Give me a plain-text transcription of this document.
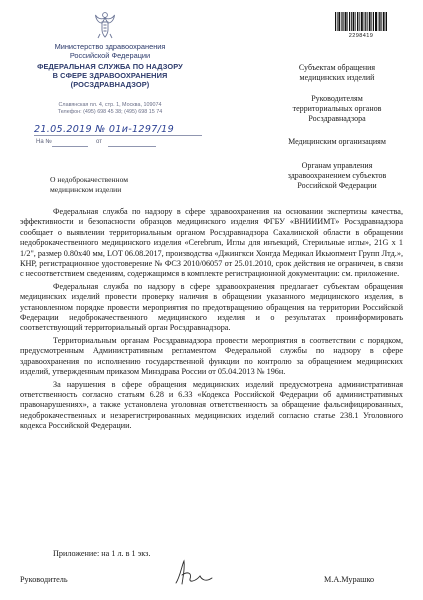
Министерство здравоохранения
Российской Федерации
ФЕДЕРАЛЬНАЯ СЛУЖБА ПО НАДЗОРУ
В СФЕРЕ ЗДРАВООХРАНЕНИЯ
(РОСЗДРАВНАДЗОР)
Славянская пл. 4, стр. 1, Москва, 109074
Телефон: (495) 698 45 38; (495) 698 15 74
21.05.2019 № 01и-1297/19
На №	от
О недоброкачественном
медицинском изделии
2298419
Субъектам обращения
медицинских изделий
Руководителям
территориальных органов
Росздравнадзора
Медицинским организациям
Органам управления
здравоохранением субъектов
Российской Федерации

Федеральная служба по надзору в сфере здравоохранения на основании экспертизы качества, эффективности и безопасности образцов медицинского изделия ФГБУ «ВНИИИМТ» Росздравнадзора сообщает о выявлении территориальным органом Росздравнадзора Сахалинской области в обращении недоброкачественного медицинского изделия «Cerebrum, Иглы для инъекций, Стерильные иглы», 21G x 1 1/2", размер 0.80x40 мм, LOT 06.08.2017, производства «Джингкси Хонгда Медикал Икьюпмент Групп Лтд.», КНР, регистрационное удостоверение № ФСЗ 2010/06057 от 25.01.2010, срок действия не ограничен, в связи с несоответствием сведениям, содержащимся в комплекте регистрационной документации: см. приложение.

Федеральная служба по надзору в сфере здравоохранения предлагает субъектам обращения медицинских изделий провести проверку наличия в обращении указанного медицинского изделия, в установленном порядке провести мероприятия по предотвращению обращения на территории Российской Федерации недоброкачественного медицинского изделия и о результатах проинформировать соответствующий территориальный орган Росздравнадзора.

Территориальным органам Росздравнадзора провести мероприятия в соответствии с порядком, предусмотренным Административным регламентом Федеральной службы по надзору в сфере здравоохранения по исполнению государственной функции по контролю за обращением медицинских изделий, утвержденным приказом Минздрава России от 05.04.2013 № 196н.

За нарушения в сфере обращения медицинских изделий предусмотрена административная ответственность согласно статьям 6.28 и 6.33 «Кодекса Российской Федерации об административных правонарушениях», а также установлена уголовная ответственность за обращение фальсифицированных, недоброкачественных и незарегистрированных медицинских изделий согласно статье 238.1 Уголовного кодекса Российской Федерации.

Приложение: на 1 л. в 1 экз.
Руководитель	М.А.Мурашко
